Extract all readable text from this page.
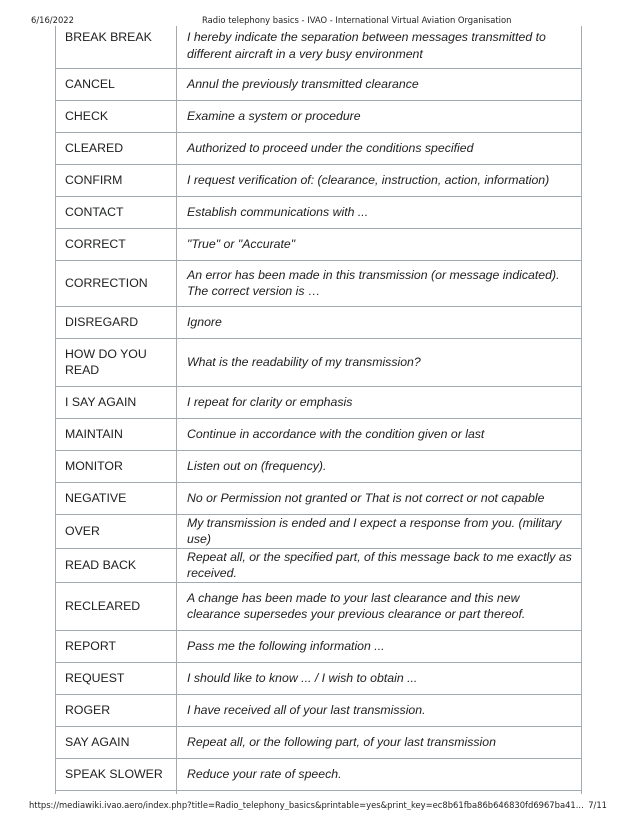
6/16/2022	Radio telephony basics - IVAO - International Virtual Aviation Organisation
BREAK BREAK	I hereby indicate the separation between messages transmitted to different aircraft in a very busy environment
CANCEL	Annul the previously transmitted clearance
CHECK	Examine a system or procedure
CLEARED	Authorized to proceed under the conditions specified
CONFIRM	I request verification of: (clearance, instruction, action, information)
CONTACT	Establish communications with ...
CORRECT	"True" or "Accurate"
CORRECTION	An error has been made in this transmission (or message indicated). The correct version is …
DISREGARD	Ignore
HOW DO YOU READ	What is the readability of my transmission?
I SAY AGAIN	I repeat for clarity or emphasis
MAINTAIN	Continue in accordance with the condition given or last
MONITOR	Listen out on (frequency).
NEGATIVE	No or Permission not granted or That is not correct or not capable
OVER	My transmission is ended and I expect a response from you. (military use)
READ BACK	Repeat all, or the specified part, of this message back to me exactly as received.
RECLEARED	A change has been made to your last clearance and this new clearance supersedes your previous clearance or part thereof.
REPORT	Pass me the following information ...
REQUEST	I should like to know ... / I wish to obtain ...
ROGER	I have received all of your last transmission.
SAY AGAIN	Repeat all, or the following part, of your last transmission
SPEAK SLOWER	Reduce your rate of speech.

https://mediawiki.ivao.aero/index.php?title=Radio_telephony_basics&printable=yes&print_key=ec8b61fba86b646830fd6967ba41... 7/11
